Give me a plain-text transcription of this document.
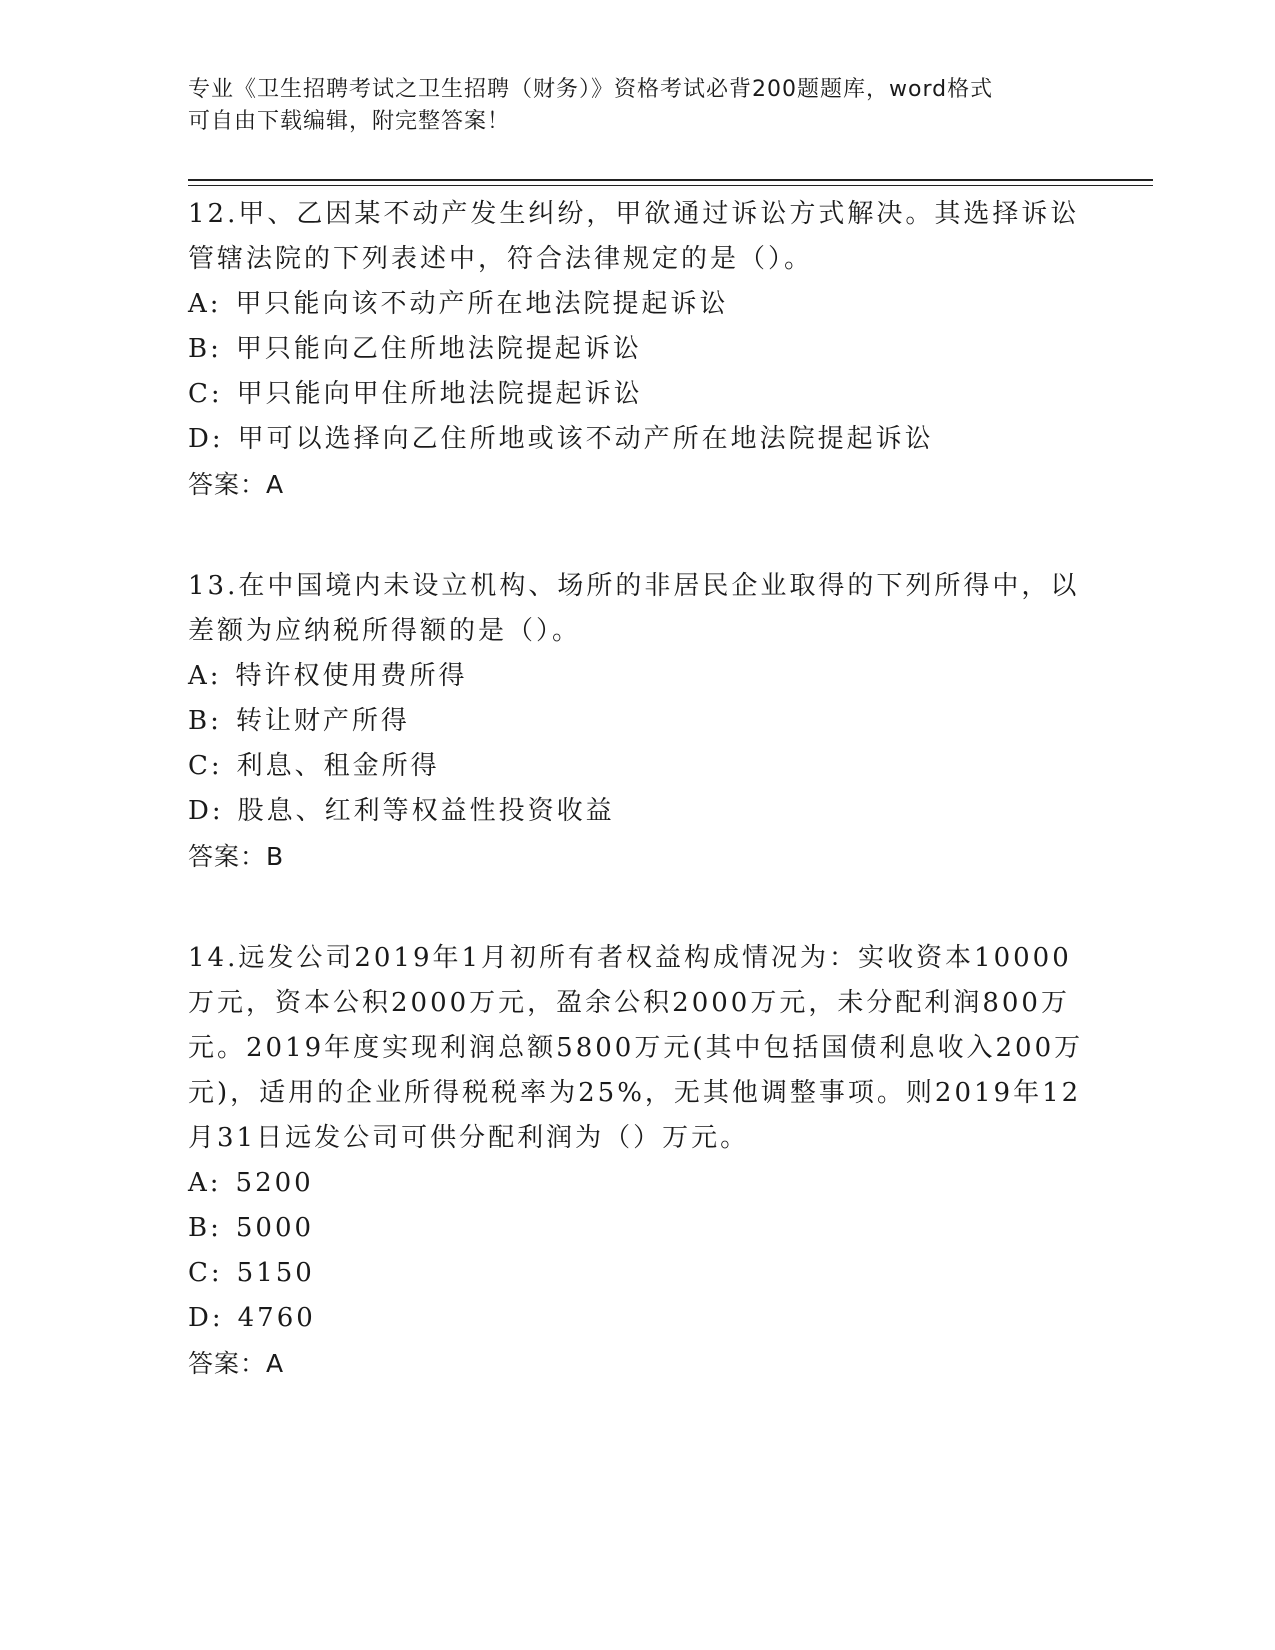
专业《卫生招聘考试之卫生招聘（财务）》资格考试必背200题题库，word格式
可自由下载编辑，附完整答案！

12.甲、乙因某不动产发生纠纷，甲欲通过诉讼方式解决。其选择诉讼

管辖法院的下列表述中，符合法律规定的是（）。

A: 甲只能向该不动产所在地法院提起诉讼

B: 甲只能向乙住所地法院提起诉讼

C: 甲只能向甲住所地法院提起诉讼

D: 甲可以选择向乙住所地或该不动产所在地法院提起诉讼

答案：A

13.在中国境内未设立机构、场所的非居民企业取得的下列所得中，以

差额为应纳税所得额的是（）。

A: 特许权使用费所得

B: 转让财产所得

C: 利息、租金所得

D: 股息、红利等权益性投资收益

答案：B

14.远发公司2019年1月初所有者权益构成情况为：实收资本10000

万元，资本公积2000万元，盈余公积2000万元，未分配利润800万

元。2019年度实现利润总额5800万元(其中包括国债利息收入200万

元)，适用的企业所得税税率为25%，无其他调整事项。则2019年12

月31日远发公司可供分配利润为（）万元。

A: 5200

B: 5000

C: 5150

D: 4760

答案：A
